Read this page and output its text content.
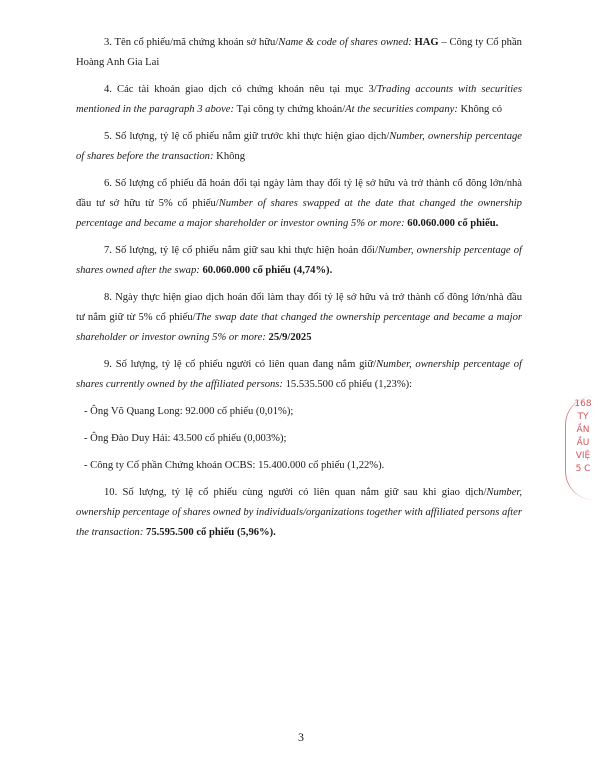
3. Tên cổ phiếu/mã chứng khoán sở hữu/Name & code of shares owned: HAG – Công ty Cổ phần Hoàng Anh Gia Lai

4. Các tài khoản giao dịch có chứng khoán nêu tại mục 3/Trading accounts with securities mentioned in the paragraph 3 above: Tại công ty chứng khoán/At the securities company: Không có

5. Số lượng, tỷ lệ cổ phiếu nắm giữ trước khi thực hiện giao dịch/Number, ownership percentage of shares before the transaction: Không

6. Số lượng cổ phiếu đã hoán đổi tại ngày làm thay đổi tỷ lệ sở hữu và trở thành cổ đông lớn/nhà đầu tư sở hữu từ 5% cổ phiếu/Number of shares swapped at the date that changed the ownership percentage and became a major shareholder or investor owning 5% or more: 60.060.000 cổ phiếu.

7. Số lượng, tỷ lệ cổ phiếu nắm giữ sau khi thực hiện hoán đổi/Number, ownership percentage of shares owned after the swap: 60.060.000 cổ phiếu (4,74%).

8. Ngày thực hiện giao dịch hoán đổi làm thay đổi tỷ lệ sở hữu và trở thành cổ đông lớn/nhà đầu tư nắm giữ từ 5% cổ phiếu/The swap date that changed the ownership percentage and became a major shareholder or investor owning 5% or more: 25/9/2025

9. Số lượng, tỷ lệ cổ phiếu người có liên quan đang nắm giữ/Number, ownership percentage of shares currently owned by the affiliated persons: 15.535.500 cổ phiếu (1,23%):

- Ông Võ Quang Long: 92.000 cổ phiếu (0,01%);

- Ông Đào Duy Hải: 43.500 cổ phiếu (0,003%);

- Công ty Cổ phần Chứng khoán OCBS: 15.400.000 cổ phiếu (1,22%).

10. Số lượng, tỷ lệ cổ phiếu cùng người có liên quan nắm giữ sau khi giao dịch/Number, ownership percentage of shares owned by individuals/organizations together with affiliated persons after the transaction: 75.595.500 cổ phiếu (5,96%).

168
TY
ẦN
ẦU
VIỆ
5 C
3
